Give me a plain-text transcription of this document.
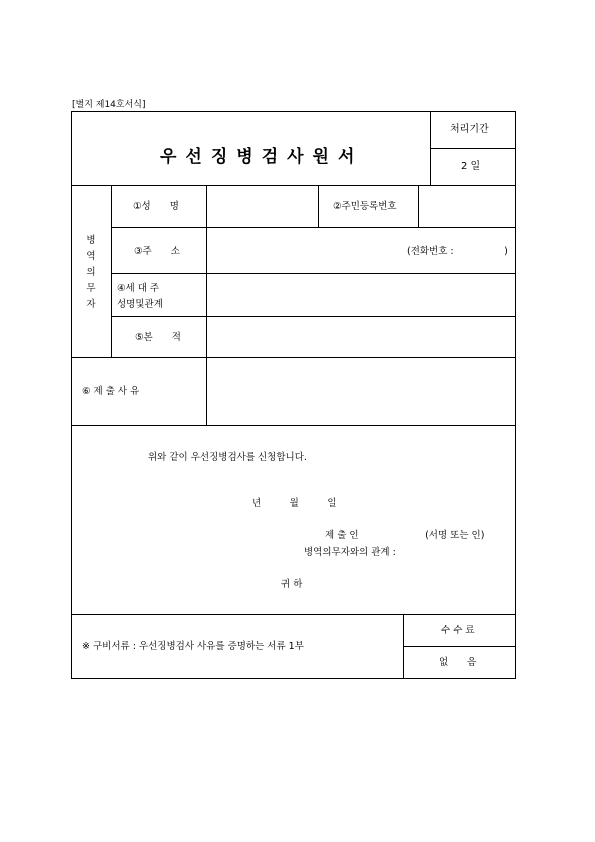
[별지 제14호서식]
우선징병검사원서
처리기간
2 일
병
역
의
무
자
①성  명	②주민등록번호
③주  소	(전화번호 :      )
④세 대 주
성명및관계
⑤본  적
⑥ 제 출 사 유
위와 같이 우선징병검사를 신청합니다.
년   월   일
제 출 인       (서명 또는 인)
병역의무자와의 관계 :
귀 하
※ 구비서류 : 우선징병검사 사유를 증명하는 서류 1부
수 수 료
없  음
